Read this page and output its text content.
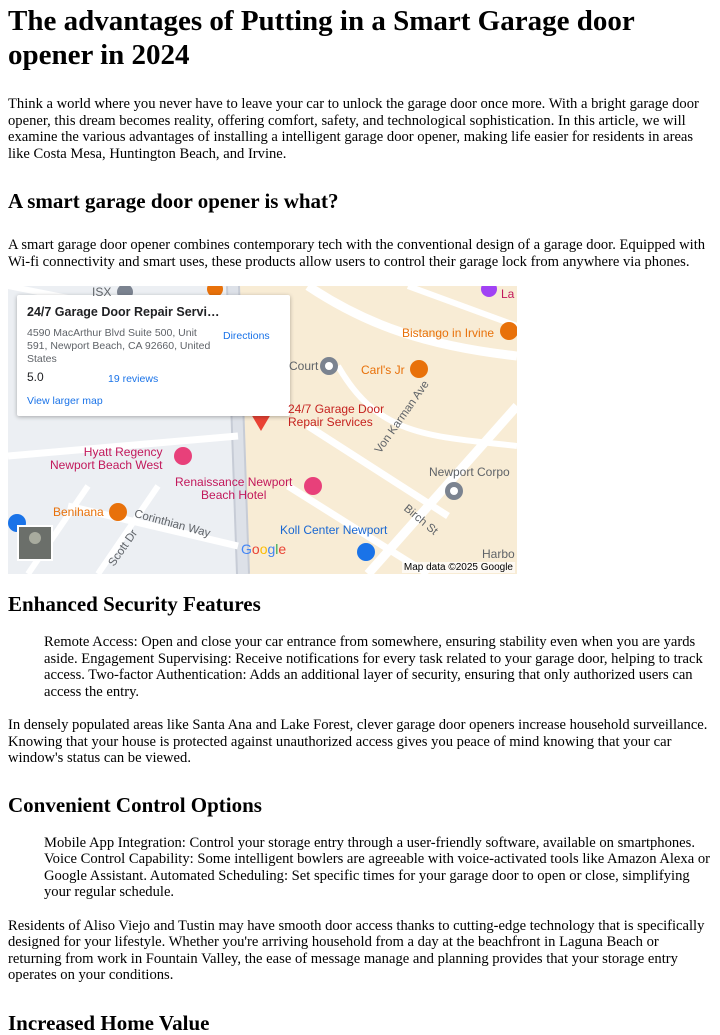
The advantages of Putting in a Smart Garage door opener in 2024

Think a world where you never have to leave your car to unlock the garage door once more. With a bright garage door opener, this dream becomes reality, offering comfort, safety, and technological sophistication. In this article, we will examine the various advantages of installing a intelligent garage door opener, making life easier for residents in areas like Costa Mesa, Huntington Beach, and Irvine.

A smart garage door opener is what?

A smart garage door opener combines contemporary tech with the conventional design of a garage door. Equipped with Wi-fi connectivity and smart uses, these products allow users to control their garage lock from anywhere via phones.

24/7 Garage Door Repair Servi…
4590 MacArthur Blvd Suite 500, Unit 591, Newport Beach, CA 92660, United States
Directions
5.0	19 reviews
View larger map
24/7 Garage Door
Repair Services
Bistango in Irvine
Carl's Jr
Court
Hyatt Regency
Newport Beach West
Renaissance Newport
Beach Hotel
Benihana
Koll Center Newport
Newport Corpo
Von Karman Ave
Birch St
Corinthian Way
Scott Dr	Harbo
La
ISX
Google
Map data ©2025 Google
Enhanced Security Features
Remote Access: Open and close your car entrance from somewhere, ensuring stability even when you are yards aside. Engagement Supervising: Receive notifications for every task related to your garage door, helping to track access. Two-factor Authentication: Adds an additional layer of security, ensuring that only authorized users can access the entry.

In densely populated areas like Santa Ana and Lake Forest, clever garage door openers increase household surveillance. Knowing that your house is protected against unauthorized access gives you peace of mind knowing that your car window's status can be viewed.

Convenient Control Options
Mobile App Integration: Control your storage entry through a user-friendly software, available on smartphones. Voice Control Capability: Some intelligent bowlers are agreeable with voice-activated tools like Amazon Alexa or Google Assistant. Automated Scheduling: Set specific times for your garage door to open or close, simplifying your regular schedule.

Residents of Aliso Viejo and Tustin may have smooth door access thanks to cutting-edge technology that is specifically designed for your lifestyle. Whether you're arriving household from a day at the beachfront in Laguna Beach or returning from work in Fountain Valley, the ease of message manage and planning provides that your storage entry operates on your conditions.

Increased Home Value
